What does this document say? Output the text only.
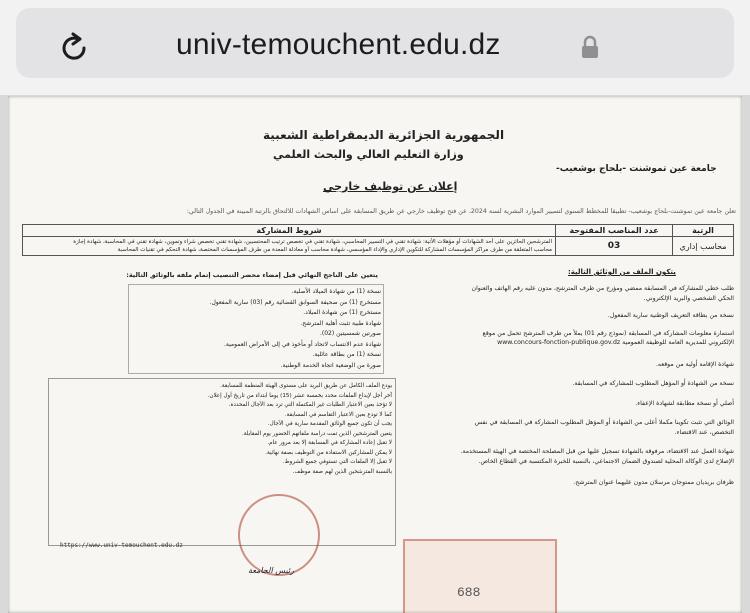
univ-temouchent.edu.dz
الجمهورية الجزائرية الديمقراطية الشعبية
وزارة التعليم العالي والبحث العلمي
جامعة عين تموشنت -بلحاج بوشعيب-
إعلان عن توظيف خارجي
تعلن جامعة عين تموشنت-بلحاج بوشعيب- تطبيقا للمخطط السنوي لتسيير الموارد البشرية لسنة 2024، عن فتح توظيف خارجي عن طريق المسابقة على أساس الشهادات للالتحاق بالرتبة المبينة في الجدول التالي:
الرتبة	عدد المناصب المفتوحة	شروط المشاركة
محاسب إداري	03	المترشحين الحائزين على أحد الشهادات أو مؤهلات الأتية: شهادة تقني في التسيير المحاسبي، شهادة تقني في تخصص ترتيب المحتسبين، شهادة تقني تخصص شراء وتموين، شهادة تقني في المحاسبة، شهادة إجازة
محاسب المتعلقة من طرف مراكز المؤسسات المشاركة للتكوين الإداري والإداء المؤسسي، شهادة محاسب أو معادلة المعدة من طرف المؤسسات المختصة، شهادة التحكم في تقنيات المحاسبة
يتعين على الناجح النهائي قبل إمضاء محضر التنصيب إتمام ملفه بالوثائق التالية:	يتكون الملف من الوثائق التالية:
طلب خطي للمشاركة في المسابقة ممضي ومؤرخ من طرف المترشح، مدون عليه رقم الهاتف والعنوان
الحكي الشخصي والبريد الإلكتروني.
نسخة من بطاقة التعريف الوطنية سارية المفعول.
استمارة معلومات المشاركة في المسابقة (نموذج رقم 01) يملأ من طرف المترشح تحمل من موقع
الإلكتروني للمديرية العامة للوظيفة العمومية www.concours-fonction-publique.gov.dz
شهادة الإقامة أولية من موقعه.
نسخة من الشهادة أو المؤهل المطلوب للمشاركة في المسابقة.
أصلي أو نسخة مطابقة لشهادة الإعفاء.
الوثائق التي تثبت تكوينا مكملا أعلى من الشهادة أو المؤهل المطلوب المشاركة في المسابقة في نفس
التخصص، عند الاقتضاء.
شهادة العمل عند الاقتضاء، مرفوقة بالشهادة تسجيل عليها من قبل المصلحة المختصة في الهيئة المستخدمة.
الإصلاح لدى الوكالة المحلية لصندوق الضمان الاجتماعي، بالنسبة للخبرة المكتسبة في القطاع الخاص.
ظرفان بريديان ممتوجان مرسلان مدون عليهما عنوان المترشح.
نسخة (1) من شهادة الميلاد الأصلية.
مستخرج (1) من صحيفة السوابق القضائية رقم (03) سارية المفعول.
مستخرج (1) من شهادة الميلاد.
شهادة طبية تثبت أهلية المترشح.
صورتين شمسيتين (02).
شهادة عدم الانتساب لاتحاد أو مأخوذ في إلى الأمراض العمومية.
نسخة (1) من بطاقة عائلية.
صورة من الوضعية اتجاه الخدمة الوطنية.
يودع الملف الكامل عن طريق البريد على مستوى الهيئة المنظمة للمسابقة.
آخر أجل لإيداع الملفات محدد بخمسة عشر (15) يوما ابتداء من تاريخ أول إعلان.
لا تؤخذ بعين الاعتبار الطلبات غير المكتملة التي ترد بعد الآجال المحددة.
كما لا تودع بعين الاعتبار التقاسم في المسابقة.
يجب أن تكون جميع الوثائق المقدمة سارية في الآجال.
يتعين المترشحين الذين تمت دراسة ملفاتهم الحضور يوم المقابلة.
لا تقبل إعادة المشاركة في المسابقة إلا بعد مرور عام.
لا يمكن للمشاركين الاستفادة من التوظيف بصفة نهائية.
لا تقبل إلا الملفات التي تستوفي جميع الشروط.
بالنسبة المترشحين الذين لهم صفة موظف.
https://www.univ-temouchent.edu.dz
رئيس الجامعة
688
